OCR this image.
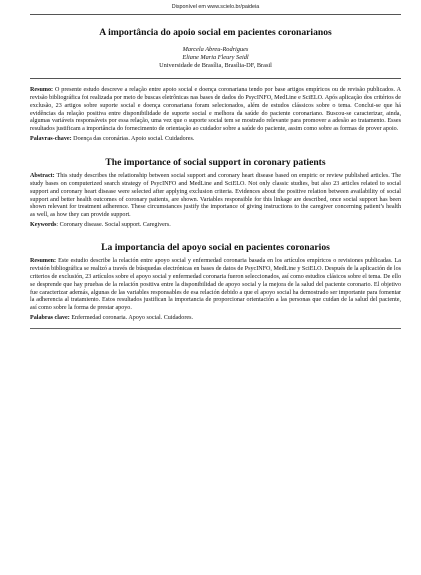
Disponível em www.scielo.br/paideia
A importância do apoio social em pacientes coronarianos
Marcela Abreu-Rodrigues
Eliane Maria Fleury Seidl
Universidade de Brasília, Brasília-DF, Brasil
Resumo: O presente estudo descreve a relação entre apoio social e doença coronariana tendo por base artigos empíricos ou de revisão publicados. A revisão bibliográfica foi realizada por meio de buscas eletrônicas nas bases de dados do PsycINFO, MedLine e SciELO. Após aplicação dos critérios de exclusão, 23 artigos sobre suporte social e doença coronariana foram selecionados, além de estudos clássicos sobre o tema. Conclui-se que há evidências da relação positiva entre disponibilidade de suporte social e melhora da saúde do paciente coronariano. Buscou-se caracterizar, ainda, algumas variáveis responsáveis por essa relação, uma vez que o suporte social tem se mostrado relevante para promover a adesão ao tratamento. Esses resultados justificam a importância do fornecimento de orientação ao cuidador sobre a saúde do paciente, assim como sobre as formas de prover apoio.
Palavras-chave: Doença das coronárias. Apoio social. Cuidadores.
The importance of social support in coronary patients
Abstract: This study describes the relationship between social support and coronary heart disease based on empiric or review published articles. The study bases on computerized search strategy of PsycINFO and MedLine and SciELO. Not only classic studies, but also 23 articles related to social support and coronary heart disease were selected after applying exclusion criteria. Evidences about the positive relation between availability of social support and better health outcomes of coronary patients, are shown. Variables responsible for this linkage are described, once social support has been shown relevant for treatment adherence. These circumstances justify the importance of giving instructions to the caregiver concerning patient’s health as well, as how they can provide support.
Keywords: Coronary disease. Social support. Caregivers.
La importancia del apoyo social en pacientes coronarios
Resumen: Este estudio describe la relación entre apoyo social y enfermedad coronaria basada en los artículos empíricos o revisiones publicadas. La revisión bibliográfica se realizó a través de búsquedas electrónicas en bases de datos de PsycINFO, MedLine y SciELO. Después de la aplicación de los criterios de exclusión, 23 artículos sobre el apoyo social y enfermedad coronaria fueron seleccionados, así como estudios clásicos sobre el tema. De ello se desprende que hay pruebas de la relación positiva entre la disponibilidad de apoyo social y la mejora de la salud del paciente coronario. El objetivo fue caracterizar además, algunas de las variables responsables de esa relación debido a que el apoyo social ha demostrado ser importante para fomentar la adherencia al tratamiento. Estos resultados justifican la importancia de proporcionar orientación a las personas que cuidan de la salud del paciente, así como sobre la forma de prestar apoyo.
Palabras clave: Enfermedad coronaria. Apoyo social. Cuidadores.
